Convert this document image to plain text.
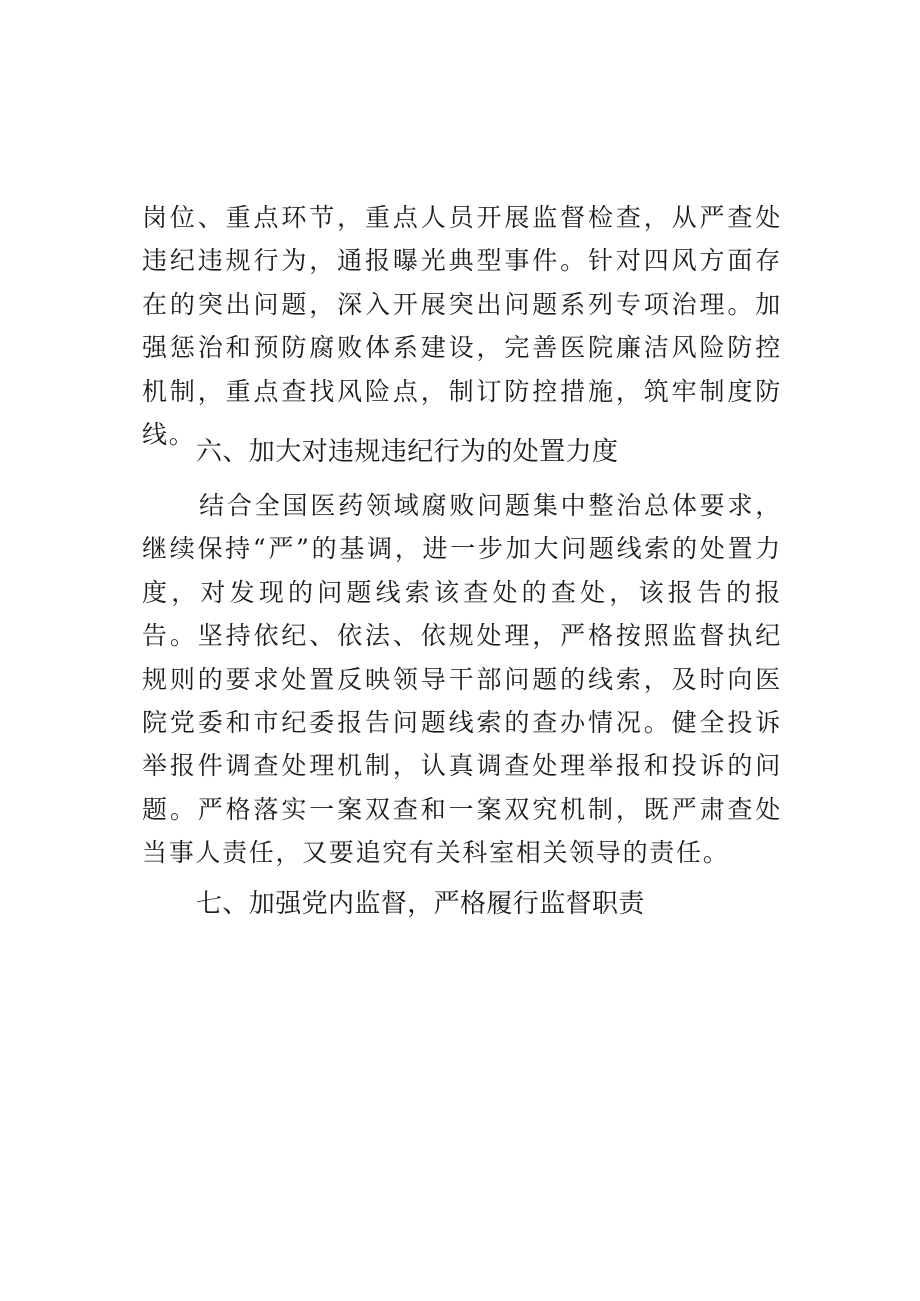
岗位、重点环节，重点人员开展监督检查，从严查处违纪违规行为，通报曝光典型事件。针对四风方面存在的突出问题，深入开展突出问题系列专项治理。加强惩治和预防腐败体系建设，完善医院廉洁风险防控机制，重点查找风险点，制订防控措施，筑牢制度防线。

六、加大对违规违纪行为的处置力度

结合全国医药领域腐败问题集中整治总体要求，继续保持“严”的基调，进一步加大问题线索的处置力度，对发现的问题线索该查处的查处，该报告的报告。坚持依纪、依法、依规处理，严格按照监督执纪规则的要求处置反映领导干部问题的线索，及时向医院党委和市纪委报告问题线索的查办情况。健全投诉举报件调查处理机制，认真调查处理举报和投诉的问题。严格落实一案双查和一案双究机制，既严肃查处当事人责任，又要追究有关科室相关领导的责任。

七、加强党内监督，严格履行监督职责
